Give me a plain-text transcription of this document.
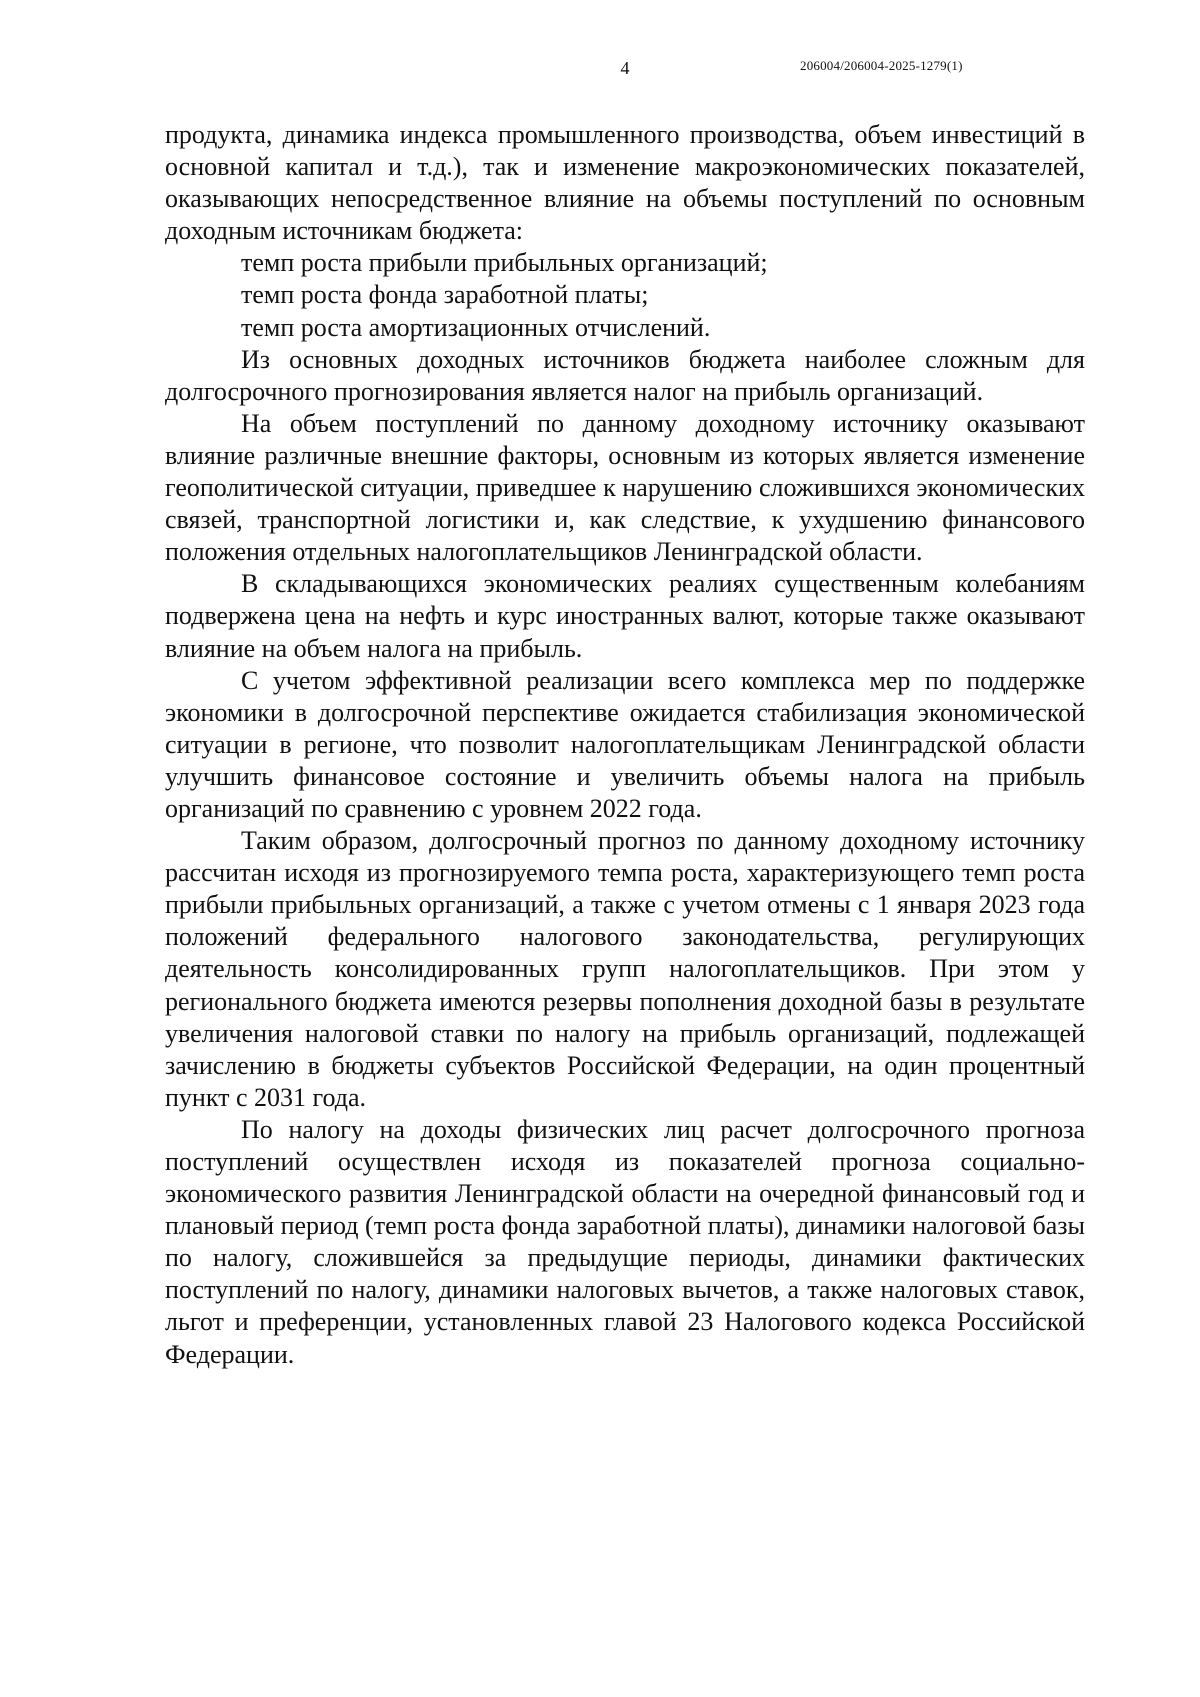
4	206004/206004-2025-1279(1)

продукта, динамика индекса промышленного производства, объем инвестиций в основной капитал и т.д.), так и изменение макроэкономических показателей, оказывающих непосредственное влияние на объемы поступлений по основным доходным источникам бюджета:

темп роста прибыли прибыльных организаций;

темп роста фонда заработной платы;

темп роста амортизационных отчислений.

Из основных доходных источников бюджета наиболее сложным для долгосрочного прогнозирования является налог на прибыль организаций.

На объем поступлений по данному доходному источнику оказывают влияние различные внешние факторы, основным из которых является изменение геополитической ситуации, приведшее к нарушению сложившихся экономических связей, транспортной логистики и, как следствие, к ухудшению финансового положения отдельных налогоплательщиков Ленинградской области.

В складывающихся экономических реалиях существенным колебаниям подвержена цена на нефть и курс иностранных валют, которые также оказывают влияние на объем налога на прибыль.

С учетом эффективной реализации всего комплекса мер по поддержке экономики в долгосрочной перспективе ожидается стабилизация экономической ситуации в регионе, что позволит налогоплательщикам Ленинградской области улучшить финансовое состояние и увеличить объемы налога на прибыль организаций по сравнению с уровнем 2022 года.

Таким образом, долгосрочный прогноз по данному доходному источнику рассчитан исходя из прогнозируемого темпа роста, характеризующего темп роста прибыли прибыльных организаций, а также с учетом отмены с 1 января 2023 года положений федерального налогового законодательства, регулирующих деятельность консолидированных групп налогоплательщиков. При этом у регионального бюджета имеются резервы пополнения доходной базы в результате увеличения налоговой ставки по налогу на прибыль организаций, подлежащей зачислению в бюджеты субъектов Российской Федерации, на один процентный пункт с 2031 года.

По налогу на доходы физических лиц расчет долгосрочного прогноза поступлений осуществлен исходя из показателей прогноза социально-экономического развития Ленинградской области на очередной финансовый год и плановый период (темп роста фонда заработной платы), динамики налоговой базы по налогу, сложившейся за предыдущие периоды, динамики фактических поступлений по налогу, динамики налоговых вычетов, а также налоговых ставок, льгот и преференции, установленных главой 23 Налогового кодекса Российской Федерации.
